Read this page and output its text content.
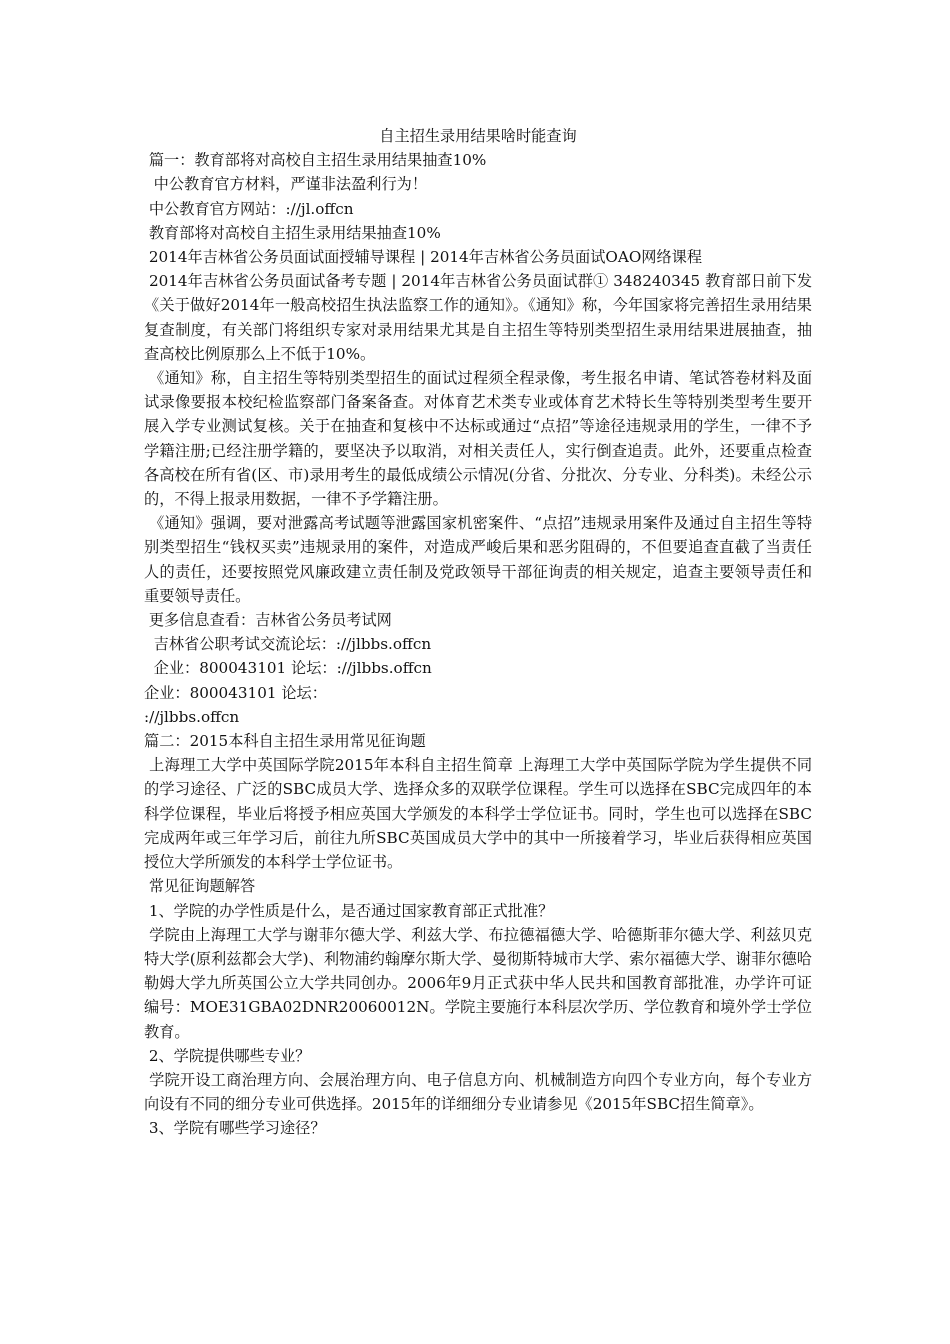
自主招生录用结果啥时能查询

篇一：教育部将对高校自主招生录用结果抽查10%

中公教育官方材料，严谨非法盈利行为！

中公教育官方网站：://jl.offcn

教育部将对高校自主招生录用结果抽查10%

2014年吉林省公务员面试面授辅导课程 | 2014年吉林省公务员面试OAO网络课程

2014年吉林省公务员面试备考专题 | 2014年吉林省公务员面试群① 348240345 教育部日前下发《关于做好2014年一般高校招生执法监察工作的通知》。《通知》称，今年国家将完善招生录用结果复查制度，有关部门将组织专家对录用结果尤其是自主招生等特别类型招生录用结果进展抽查，抽查高校比例原那么上不低于10%。

《通知》称，自主招生等特别类型招生的面试过程须全程录像，考生报名申请、笔试答卷材料及面试录像要报本校纪检监察部门备案备查。对体育艺术类专业或体育艺术特长生等特别类型考生要开展入学专业测试复核。关于在抽查和复核中不达标或通过“点招”等途径违规录用的学生，一律不予学籍注册;已经注册学籍的，要坚决予以取消，对相关责任人，实行倒查追责。此外，还要重点检查各高校在所有省(区、市)录用考生的最低成绩公示情况(分省、分批次、分专业、分科类)。未经公示的，不得上报录用数据，一律不予学籍注册。

《通知》强调，要对泄露高考试题等泄露国家机密案件、“点招”违规录用案件及通过自主招生等特别类型招生“钱权买卖”违规录用的案件，对造成严峻后果和恶劣阻碍的，不但要追查直截了当责任人的责任，还要按照党风廉政建立责任制及党政领导干部征询责的相关规定，追查主要领导责任和重要领导责任。

更多信息查看：吉林省公务员考试网

吉林省公职考试交流论坛：://jlbbs.offcn

企业：800043101 论坛：://jlbbs.offcn

企业：800043101 论坛：

://jlbbs.offcn

篇二：2015本科自主招生录用常见征询题

上海理工大学中英国际学院2015年本科自主招生简章 上海理工大学中英国际学院为学生提供不同的学习途径、广泛的SBC成员大学、选择众多的双联学位课程。学生可以选择在SBC完成四年的本科学位课程，毕业后将授予相应英国大学颁发的本科学士学位证书。同时，学生也可以选择在SBC完成两年或三年学习后，前往九所SBC英国成员大学中的其中一所接着学习，毕业后获得相应英国授位大学所颁发的本科学士学位证书。

常见征询题解答

1、学院的办学性质是什么，是否通过国家教育部正式批准？

学院由上海理工大学与谢菲尔德大学、利兹大学、布拉德福德大学、哈德斯菲尔德大学、利兹贝克特大学(原利兹都会大学)、利物浦约翰摩尔斯大学、曼彻斯特城市大学、索尔福德大学、谢菲尔德哈勒姆大学九所英国公立大学共同创办。2006年9月正式获中华人民共和国教育部批准，办学许可证编号：MOE31GBA02DNR20060012N。学院主要施行本科层次学历、学位教育和境外学士学位教育。

2、学院提供哪些专业？

学院开设工商治理方向、会展治理方向、电子信息方向、机械制造方向四个专业方向，每个专业方向设有不同的细分专业可供选择。2015年的详细细分专业请参见《2015年SBC招生简章》。

3、学院有哪些学习途径？
